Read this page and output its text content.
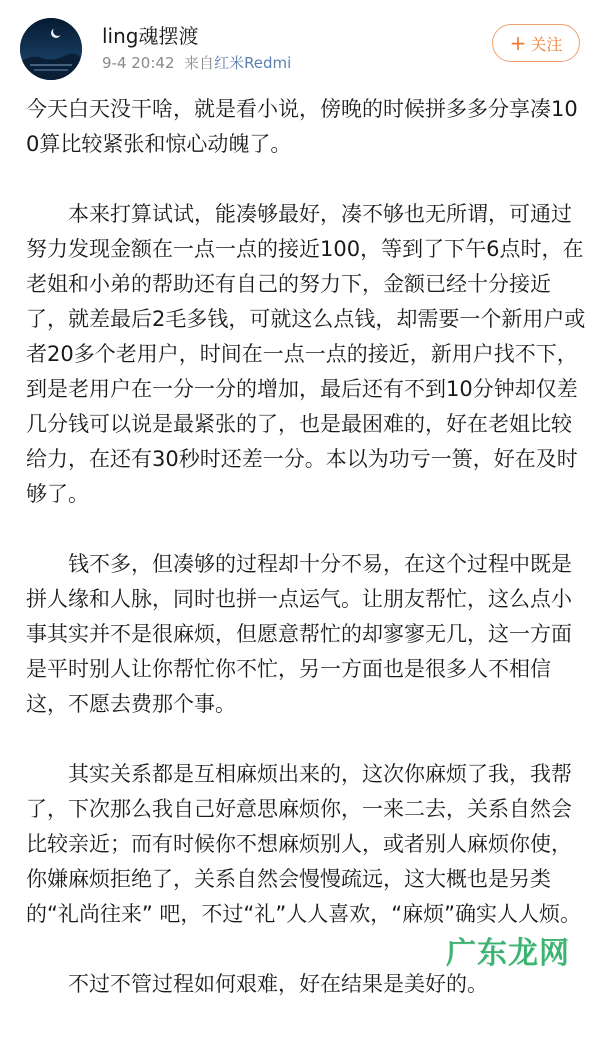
ling魂摆渡
9-4 20:42 来自红米Redmi
+ 关注

今天白天没干啥，就是看小说，傍晚的时候拼多多分享凑100算比较紧张和惊心动魄了。

本来打算试试，能凑够最好，凑不够也无所谓，可通过努力发现金额在一点一点的接近100，等到了下午6点时，在老姐和小弟的帮助还有自己的努力下，金额已经十分接近了，就差最后2毛多钱，可就这么点钱，却需要一个新用户或者20多个老用户，时间在一点一点的接近，新用户找不下，到是老用户在一分一分的增加，最后还有不到10分钟却仅差几分钱可以说是最紧张的了，也是最困难的，好在老姐比较给力，在还有30秒时还差一分。本以为功亏一篑，好在及时够了。

钱不多，但凑够的过程却十分不易，在这个过程中既是拼人缘和人脉，同时也拼一点运气。让朋友帮忙，这么点小事其实并不是很麻烦，但愿意帮忙的却寥寥无几，这一方面是平时别人让你帮忙你不忙，另一方面也是很多人不相信这，不愿去费那个事。

其实关系都是互相麻烦出来的，这次你麻烦了我，我帮了，下次那么我自己好意思麻烦你，一来二去，关系自然会比较亲近；而有时候你不想麻烦别人，或者别人麻烦你使，你嫌麻烦拒绝了，关系自然会慢慢疏远，这大概也是另类的“礼尚往来” 吧，不过“礼”人人喜欢，“麻烦”确实人人烦。

不过不管过程如何艰难，好在结果是美好的。

广东龙网
